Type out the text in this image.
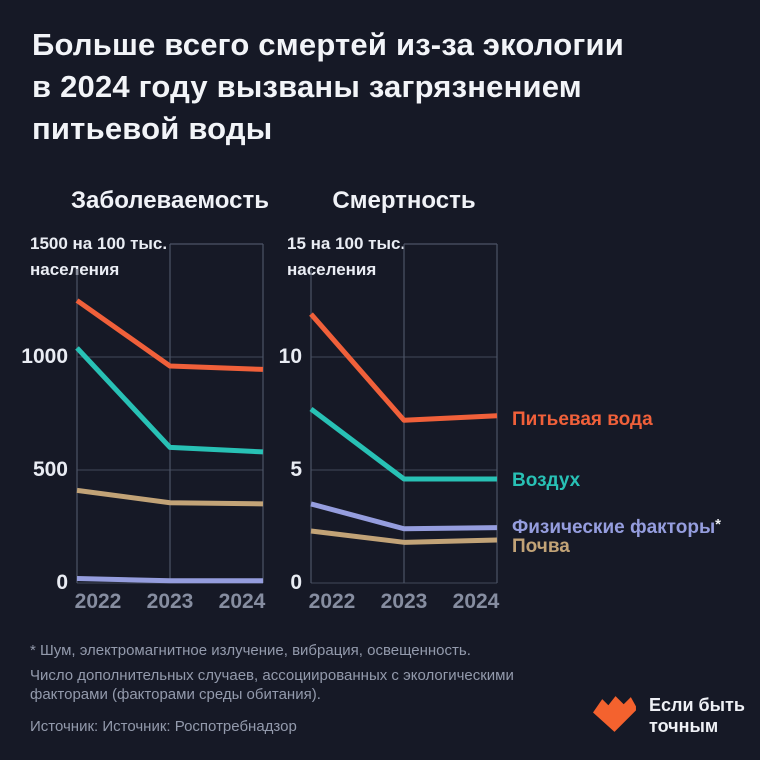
Больше всего смертей из-за экологии
в 2024 году вызваны загрязнением
питьевой воды
Заболеваемость	Смертность
1500 на 100 тыс.
населения
15 на 100 тыс.
населения
0
500
1000
2022 2023 2024
0
5
10
2022 2023 2024
Питьевая вода
Воздух
Физические факторы*
Почва
* Шум, электромагнитное излучение, вибрация, освещенность.
Число дополнительных случаев, ассоциированных с экологическими
факторами (факторами среды обитания).
Источник: Источник: Роспотребнадзор
Если быть
точным
